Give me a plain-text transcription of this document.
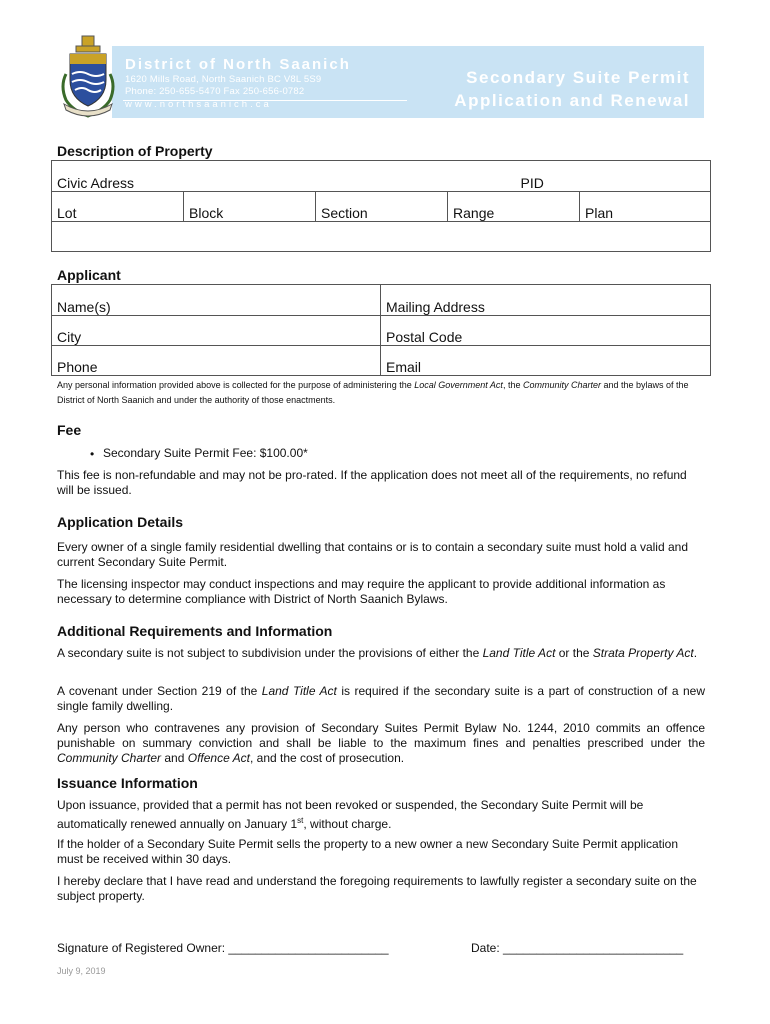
District of North Saanich
1620 Mills Road, North Saanich BC V8L 5S9
Phone: 250-655-5470 Fax 250-656-0782
www.northsaanich.ca
Secondary Suite Permit
Application and Renewal
Description of Property
Civic Adress				PID
Lot	Block	Section	Range	Plan

Applicant
Name(s)	Mailing Address
City	Postal Code
Phone	Email
Any personal information provided above is collected for the purpose of administering the Local Government Act, the Community Charter and the bylaws of the District of North Saanich and under the authority of those enactments.
Fee
• Secondary Suite Permit Fee: $100.00*
This fee is non-refundable and may not be pro-rated. If the application does not meet all of the requirements, no refund will be issued.
Application Details
Every owner of a single family residential dwelling that contains or is to contain a secondary suite must hold a valid and current Secondary Suite Permit.
The licensing inspector may conduct inspections and may require the applicant to provide additional information as necessary to determine compliance with District of North Saanich Bylaws.
Additional Requirements and Information
A secondary suite is not subject to subdivision under the provisions of either the Land Title Act or the Strata Property Act.
A covenant under Section 219 of the Land Title Act is required if the secondary suite is a part of construction of a new single family dwelling.
Any person who contravenes any provision of Secondary Suites Permit Bylaw No. 1244, 2010 commits an offence punishable on summary conviction and shall be liable to the maximum fines and penalties prescribed under the Community Charter and Offence Act, and the cost of prosecution.
Issuance Information
Upon issuance, provided that a permit has not been revoked or suspended, the Secondary Suite Permit will be automatically renewed annually on January 1st, without charge.
If the holder of a Secondary Suite Permit sells the property to a new owner a new Secondary Suite Permit application must be received within 30 days.
I hereby declare that I have read and understand the foregoing requirements to lawfully register a secondary suite on the subject property.
Signature of Registered Owner: ________________________	Date: ___________________________
July 9, 2019
